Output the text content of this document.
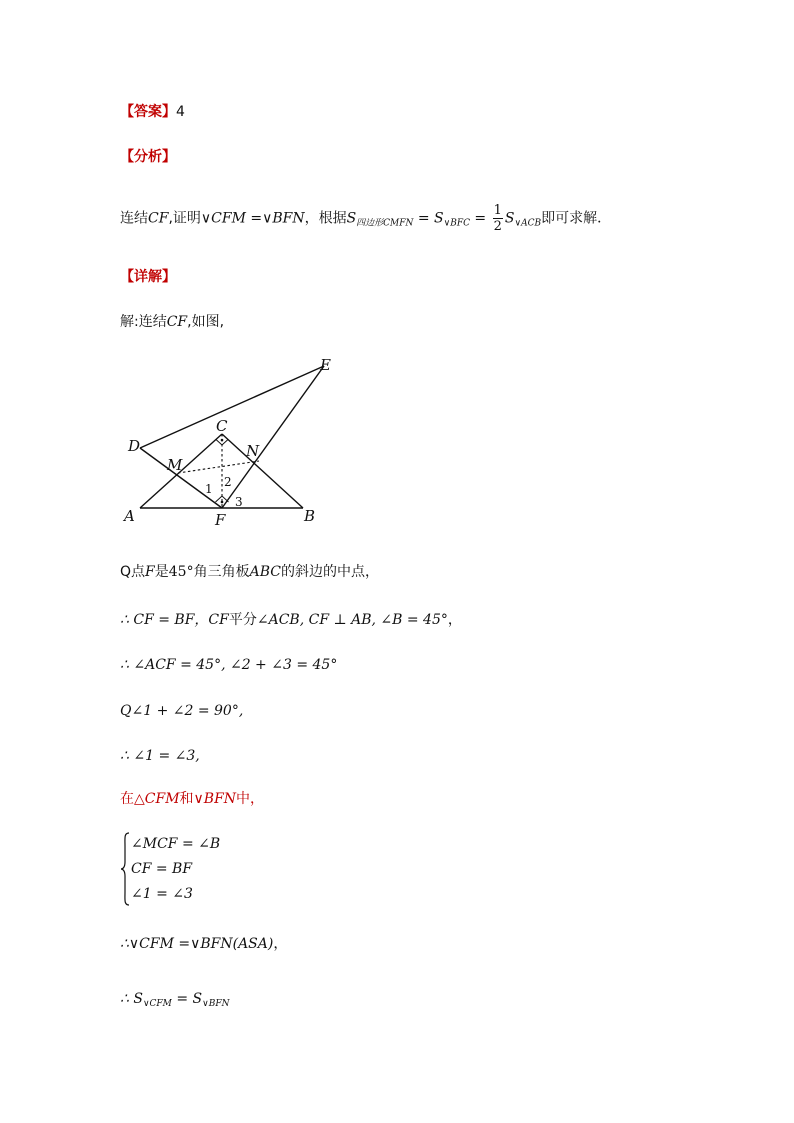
【答案】4
【分析】
连结CF,证明∨CFM =∨BFN，根据$S_{四边形CMFN} = S_{\vee BFC} = \frac{1}{2} S_{\vee ACB}$即可求解．
【详解】
解:连结CF,如图,
E
C
D
M
N
A	F	B
1 2
3
Q点F是45°角三角板ABC的斜边的中点，
∴ CF = BF，CF平分∠ACB, CF ⊥ AB, ∠B = 45°，
∴ ∠ACF = 45°, ∠2 + ∠3 = 45°
Q∠1 + ∠2 = 90°,
∴ ∠1 = ∠3,
在△CFM和∨BFN中，
∠MCF = ∠B
CF = BF
∠1 = ∠3
∴∨CFM =∨BFN(ASA)，
∴ $S_{\vee CFM} = S_{\vee BFN}$
